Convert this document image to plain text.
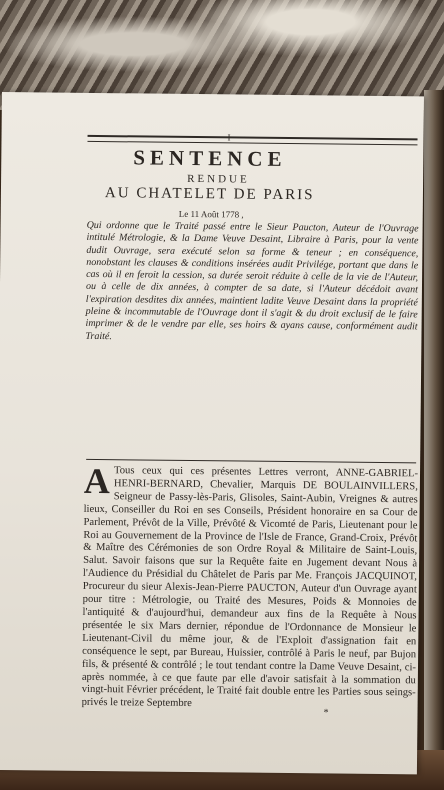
I
SENTENCE
RENDUE
AU CHATELET DE PARIS
Le 11 Août 1778 ,
Qui ordonne que le Traité passé entre le Sieur Paucton, Auteur de l'Ouvrage intitulé Métrologie, & la Dame Veuve Desaint, Libraire à Paris, pour la vente dudit Ouvrage, sera exécuté selon sa forme & teneur ; en conséquence, nonobstant les clauses & conditions insérées audit Privilége, portant que dans le cas où il en feroit la cession, sa durée seroit réduite à celle de la vie de l'Auteur, ou à celle de dix années, à compter de sa date, si l'Auteur décédoit avant l'expiration desdites dix années, maintient ladite Veuve Desaint dans la propriété pleine & incommutable de l'Ouvrage dont il s'agit & du droit exclusif de le faire imprimer & de le vendre par elle, ses hoirs & ayans cause, conformément audit Traité.
A Tous ceux qui ces présentes Lettres verront, ANNE-GABRIEL-HENRI-BERNARD, Chevalier, Marquis DE BOULAINVILLERS, Seigneur de Passy-lès-Paris, Glisoles, Saint-Aubin, Vreignes & autres lieux, Conseiller du Roi en ses Conseils, Président honoraire en sa Cour de Parlement, Prévôt de la Ville, Prévôté & Vicomté de Paris, Lieutenant pour le Roi au Gouvernement de la Province de l'Isle de France, Grand-Croix, Prévôt & Maître des Cérémonies de son Ordre Royal & Militaire de Saint-Louis, Salut. Savoir faisons que sur la Requête faite en Jugement devant Nous à l'Audience du Présidial du Châtelet de Paris par Me. François JACQUINOT, Procureur du sieur Alexis-Jean-Pierre PAUCTON, Auteur d'un Ouvrage ayant pour titre : Métrologie, ou Traité des Mesures, Poids & Monnoies de l'antiquité & d'aujourd'hui, demandeur aux fins de la Requête à Nous présentée le six Mars dernier, répondue de l'Ordonnance de Monsieur le Lieutenant-Civil du même jour, & de l'Exploit d'assignation fait en conséquence le sept, par Bureau, Huissier, contrôlé à Paris le neuf, par Bujon fils, & présenté & contrôlé ; le tout tendant contre la Dame Veuve Desaint, ci-après nommée, à ce que faute par elle d'avoir satisfait à la sommation du vingt-huit Février précédent, le Traité fait double entre les Parties sous seings-privés le treize Septembre
*
